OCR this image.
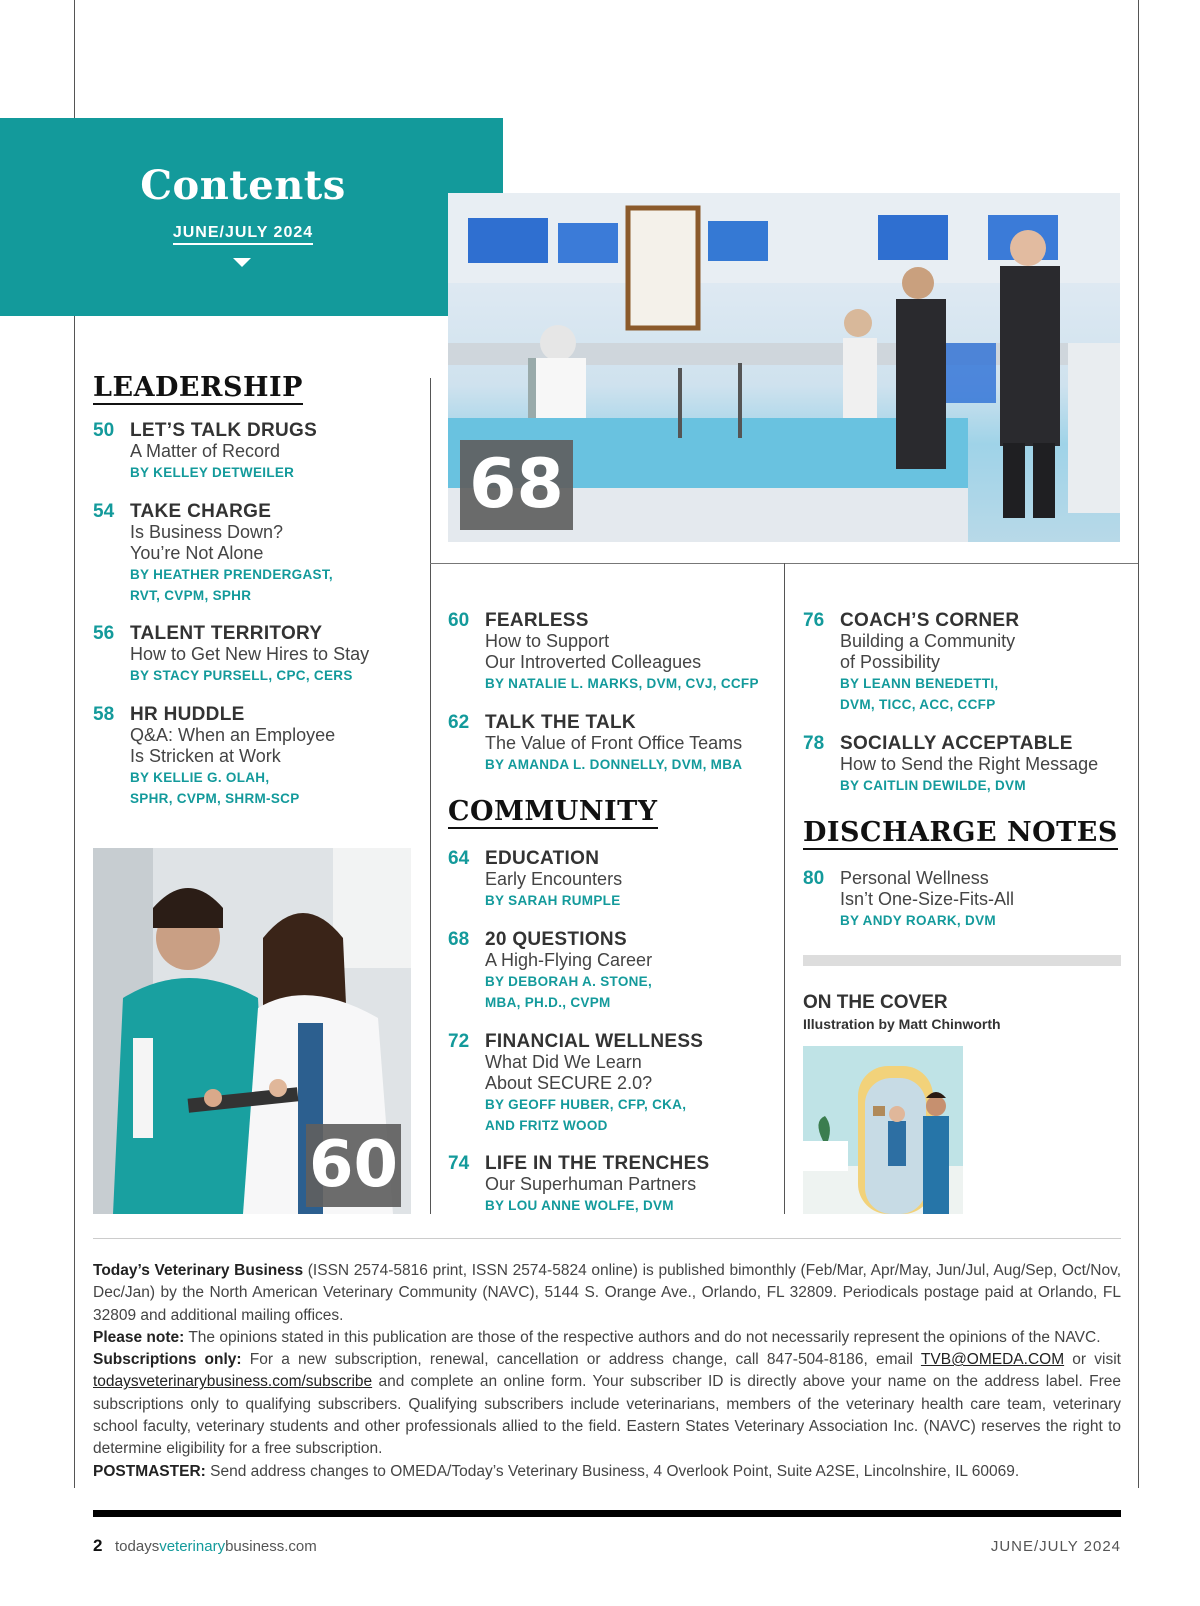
68
Contents
JUNE/JULY 2024
LEADERSHIP
COMMUNITY
DISCHARGE NOTES
50 LET’S TALK DRUGS
A Matter of Record
BY KELLEY DETWEILER
54 TAKE CHARGE
Is Business Down?
You’re Not Alone
BY HEATHER PRENDERGAST,
RVT, CVPM, SPHR
56 TALENT TERRITORY
How to Get New Hires to Stay
BY STACY PURSELL, CPC, CERS
58 HR HUDDLE
Q&A: When an Employee
Is Stricken at Work
BY KELLIE G. OLAH,
SPHR, CVPM, SHRM-SCP
60
60 FEARLESS
How to Support
Our Introverted Colleagues
BY NATALIE L. MARKS, DVM, CVJ, CCFP
62 TALK THE TALK
The Value of Front Office Teams
BY AMANDA L. DONNELLY, DVM, MBA
64 EDUCATION
Early Encounters
BY SARAH RUMPLE
68 20 QUESTIONS
A High-Flying Career
BY DEBORAH A. STONE,
MBA, PH.D., CVPM
72 FINANCIAL WELLNESS
What Did We Learn
About SECURE 2.0?
BY GEOFF HUBER, CFP, CKA,
AND FRITZ WOOD
74 LIFE IN THE TRENCHES
Our Superhuman Partners
BY LOU ANNE WOLFE, DVM
76 COACH’S CORNER
Building a Community
of Possibility
BY LEANN BENEDETTI,
DVM, TICC, ACC, CCFP
78 SOCIALLY ACCEPTABLE
How to Send the Right Message
BY CAITLIN DEWILDE, DVM
80 Personal Wellness
Isn’t One-Size-Fits-All
BY ANDY ROARK, DVM
ON THE COVER
Illustration by Matt Chinworth
Today’s Veterinary Business (ISSN 2574-5816 print, ISSN 2574-5824 online) is published bimonthly (Feb/Mar, Apr/May, Jun/Jul, Aug/Sep, Oct/Nov, Dec/Jan) by the North American Veterinary Community (NAVC), 5144 S. Orange Ave., Orlando, FL 32809. Periodicals postage paid at Orlando, FL 32809 and additional mailing offices.
Please note: The opinions stated in this publication are those of the respective authors and do not necessarily represent the opinions of the NAVC.
Subscriptions only: For a new subscription, renewal, cancellation or address change, call 847-504-8186, email TVB@OMEDA.COM or visit todaysveterinarybusiness.com/subscribe and complete an online form. Your subscriber ID is directly above your name on the address label. Free subscriptions only to qualifying subscribers. Qualifying subscribers include veterinarians, members of the veterinary health care team, veterinary school faculty, veterinary students and other professionals allied to the field. Eastern States Veterinary Association Inc. (NAVC) reserves the right to determine eligibility for a free subscription.
POSTMASTER: Send address changes to OMEDA/Today’s Veterinary Business, 4 Overlook Point, Suite A2SE, Lincolnshire, IL 60069.
2 todaysveterinarybusiness.com	JUNE/JULY 2024
